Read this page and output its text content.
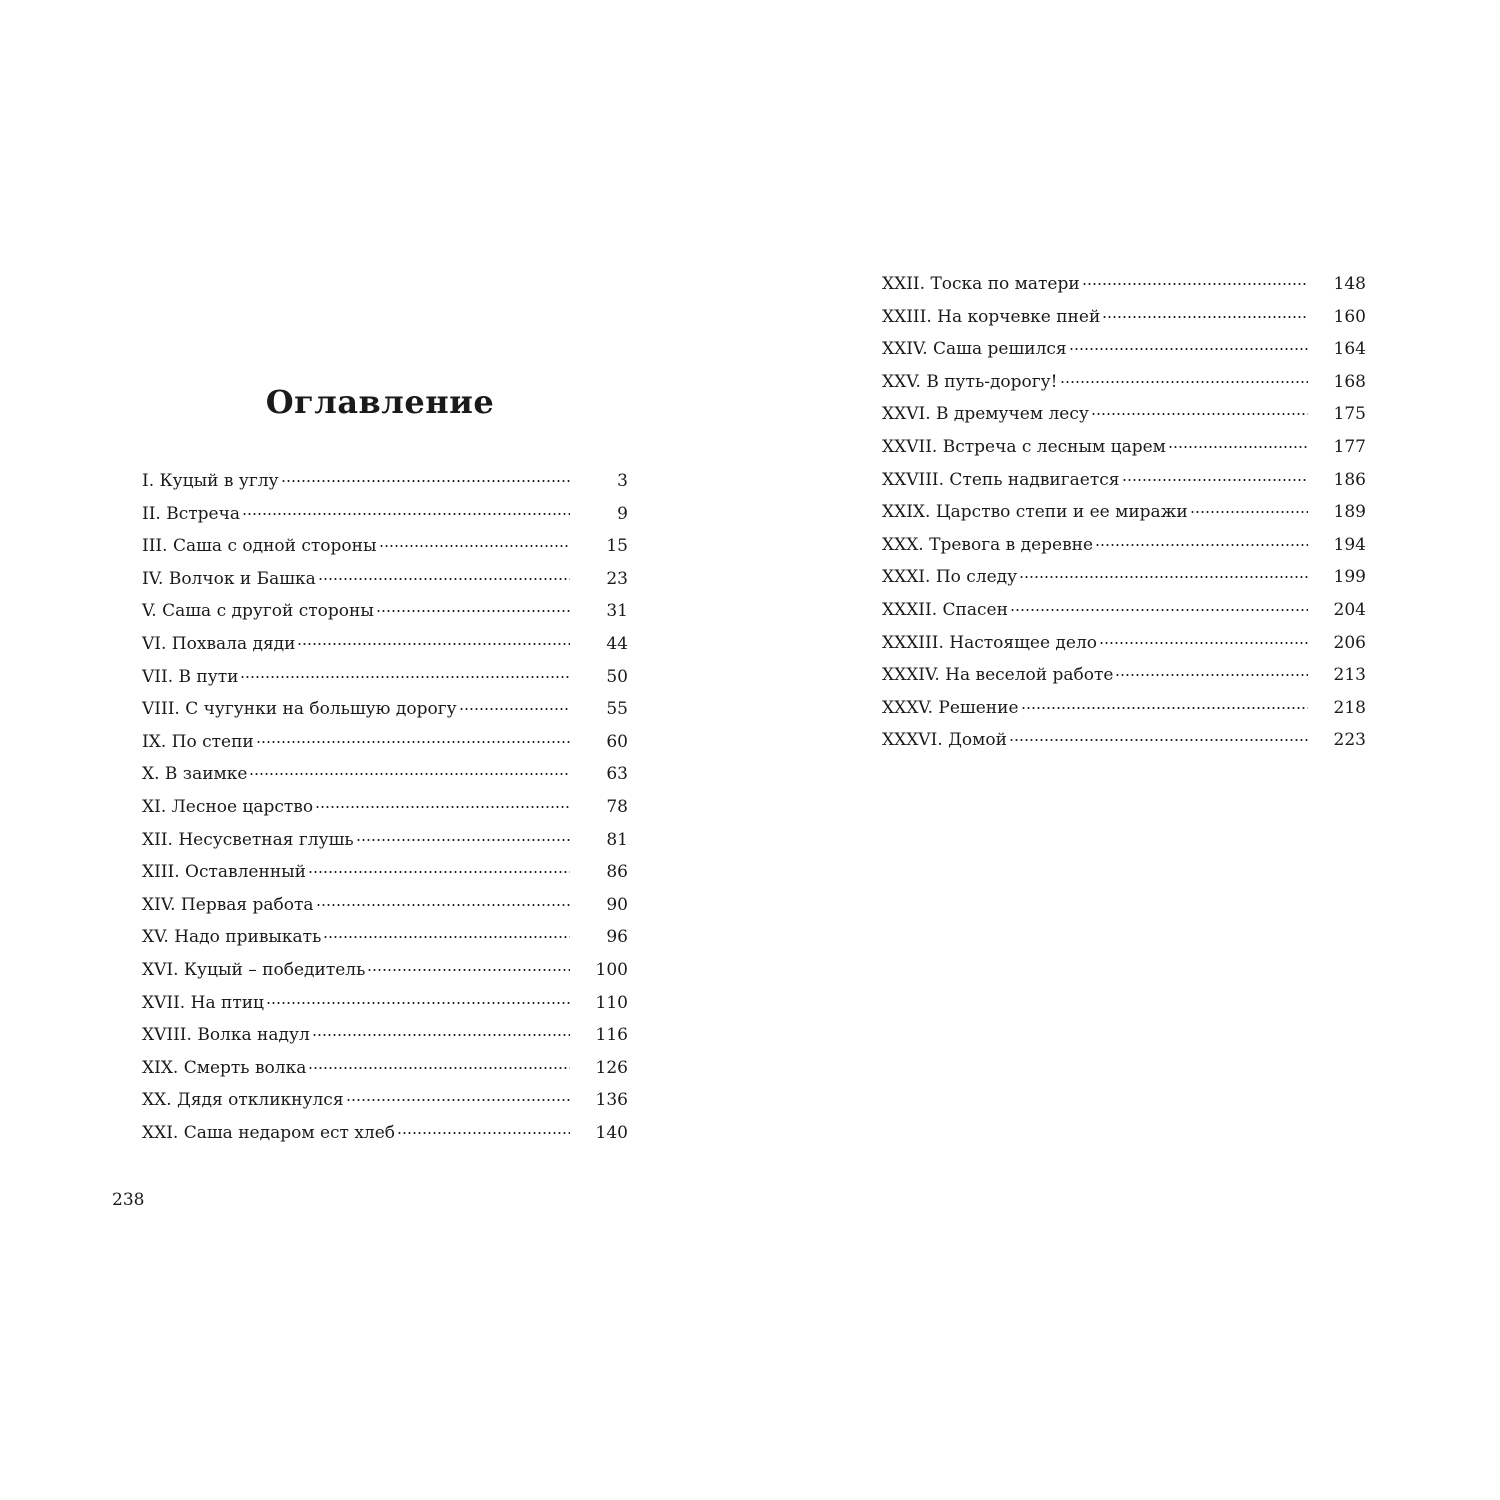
Оглавление
I. Куцый в углу	3
II. Встреча	9
III. Саша с одной стороны	15
IV. Волчок и Башка	23
V. Саша с другой стороны	31
VI. Похвала дяди	44
VII. В пути	50
VIII. С чугунки на большую дорогу	55
IX. По степи	60
X. В заимке	63
XI. Лесное царство	78
XII. Несусветная глушь	81
XIII. Оставленный	86
XIV. Первая работа	90
XV. Надо привыкать	96
XVI. Куцый – победитель	100
XVII. На птиц	110
XVIII. Волка надул	116
XIX. Смерть волка	126
XX. Дядя откликнулся	136
XXI. Саша недаром ест хлеб	140
238
XXII. Тоска по матери	148
XXIII. На корчевке пней	160
XXIV. Саша решился	164
XXV. В путь-дорогу!	168
XXVI. В дремучем лесу	175
XXVII. Встреча с лесным царем	177
XXVIII. Степь надвигается	186
XXIX. Царство степи и ее миражи	189
XXX. Тревога в деревне	194
XXXI. По следу	199
XXXII. Спасен	204
XXXIII. Настоящее дело	206
XXXIV. На веселой работе	213
XXXV. Решение	218
XXXVI. Домой	223
